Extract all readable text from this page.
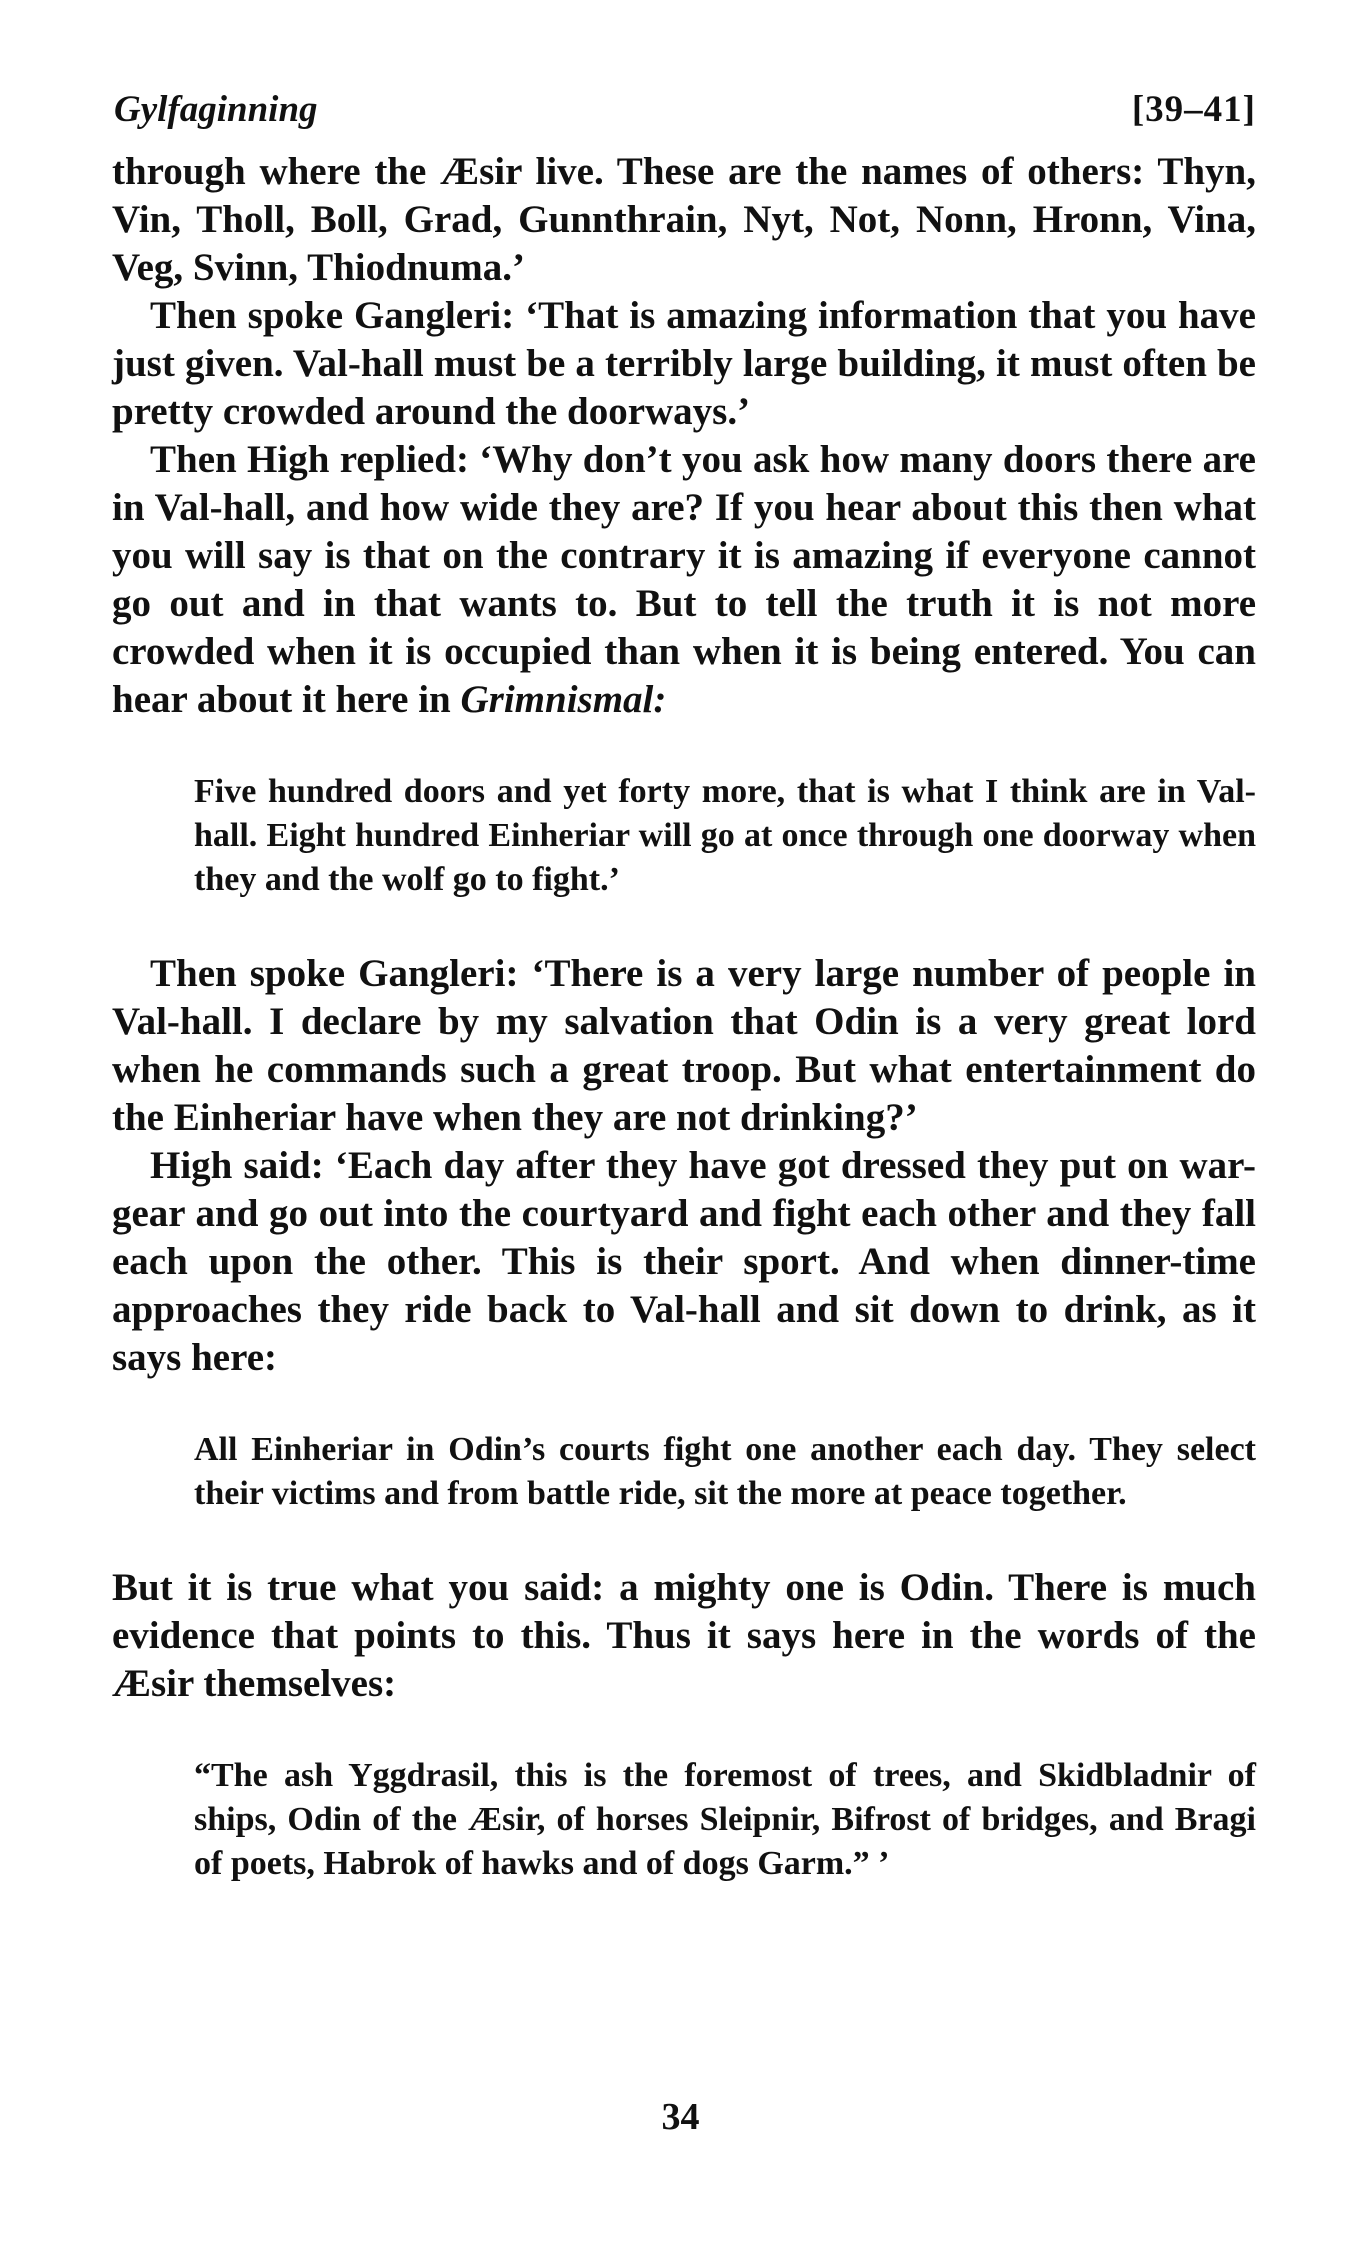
Gylfaginning	[39–41]

through where the Æsir live. These are the names of others: Thyn, Vin, Tholl, Boll, Grad, Gunnthrain, Nyt, Not, Nonn, Hronn, Vina, Veg, Svinn, Thiodnuma.’

Then spoke Gangleri: ‘That is amazing information that you have just given. Val-hall must be a terribly large building, it must often be pretty crowded around the doorways.’

Then High replied: ‘Why don’t you ask how many doors there are in Val-hall, and how wide they are? If you hear about this then what you will say is that on the contrary it is amazing if everyone cannot go out and in that wants to. But to tell the truth it is not more crowded when it is occupied than when it is being entered. You can hear about it here in Grimnismal:

Five hundred doors and yet forty more, that is what I think are in Val-hall. Eight hundred Einheriar will go at once through one doorway when they and the wolf go to fight.’

Then spoke Gangleri: ‘There is a very large number of people in Val-hall. I declare by my salvation that Odin is a very great lord when he commands such a great troop. But what entertainment do the Einheriar have when they are not drinking?’

High said: ‘Each day after they have got dressed they put on war-gear and go out into the courtyard and fight each other and they fall each upon the other. This is their sport. And when dinner-time approaches they ride back to Val-hall and sit down to drink, as it says here:

All Einheriar in Odin’s courts fight one another each day. They select their victims and from battle ride, sit the more at peace together.

But it is true what you said: a mighty one is Odin. There is much evidence that points to this. Thus it says here in the words of the Æsir themselves:

“The ash Yggdrasil, this is the foremost of trees, and Skidbladnir of ships, Odin of the Æsir, of horses Sleipnir, Bifrost of bridges, and Bragi of poets, Habrok of hawks and of dogs Garm.” ’
34
